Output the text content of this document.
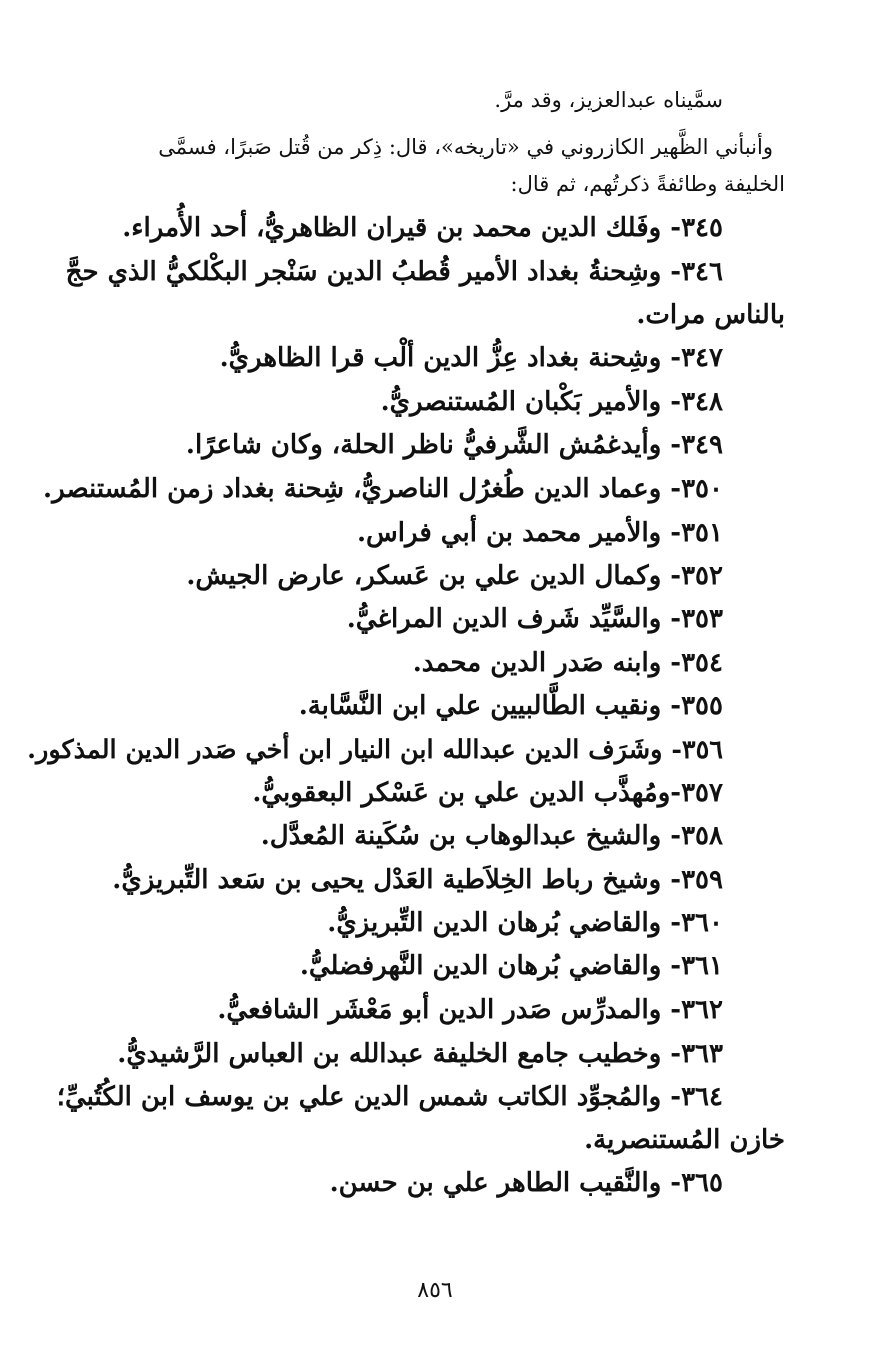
سمَّيناه عبدالعزيز، وقد مرَّ.
وأنبأني الظَّهير الكازروني في «تاريخه»، قال: ذِكر من قُتل صَبرًا، فسمَّى
الخليفة وطائفةً ذكرتُهم، ثم قال:
٣٤٥- وفَلك الدين محمد بن قيران الظاهريُّ، أحد الأُمراء.
٣٤٦- وشِحنةُ بغداد الأمير قُطبُ الدين سَنْجر البكْلكيُّ الذي حجَّ
بالناس مرات.
٣٤٧- وشِحنة بغداد عِزُّ الدين ألْب قرا الظاهريُّ.
٣٤٨- والأمير بَكْبان المُستنصريُّ.
٣٤٩- وأيدغمُش الشَّرفيُّ ناظر الحلة، وكان شاعرًا.
٣٥٠- وعماد الدين طُغرُل الناصريُّ، شِحنة بغداد زمن المُستنصر.
٣٥١- والأمير محمد بن أبي فراس.
٣٥٢- وكمال الدين علي بن عَسكر، عارض الجيش.
٣٥٣- والسَّيِّد شَرف الدين المراغيُّ.
٣٥٤- وابنه صَدر الدين محمد.
٣٥٥- ونقيب الطَّالبيين علي ابن النَّسَّابة.
٣٥٦- وشَرَف الدين عبدالله ابن النيار ابن أخي صَدر الدين المذكور.
٣٥٧-ومُهذَّب الدين علي بن عَسْكر البعقوبيُّ.
٣٥٨- والشيخ عبدالوهاب بن سُكَينة المُعدَّل.
٣٥٩- وشيخ رباط الخِلاَطية العَدْل يحيى بن سَعد التِّبريزيُّ.
٣٦٠- والقاضي بُرهان الدين التِّبريزيُّ.
٣٦١- والقاضي بُرهان الدين النَّهرفضليُّ.
٣٦٢- والمدرِّس صَدر الدين أبو مَعْشَر الشافعيُّ.
٣٦٣- وخطيب جامع الخليفة عبدالله بن العباس الرَّشيديُّ.
٣٦٤- والمُجوِّد الكاتب شمس الدين علي بن يوسف ابن الكُتُبيِّ؛
خازن المُستنصرية.
٣٦٥- والنَّقيب الطاهر علي بن حسن.
٨٥٦
